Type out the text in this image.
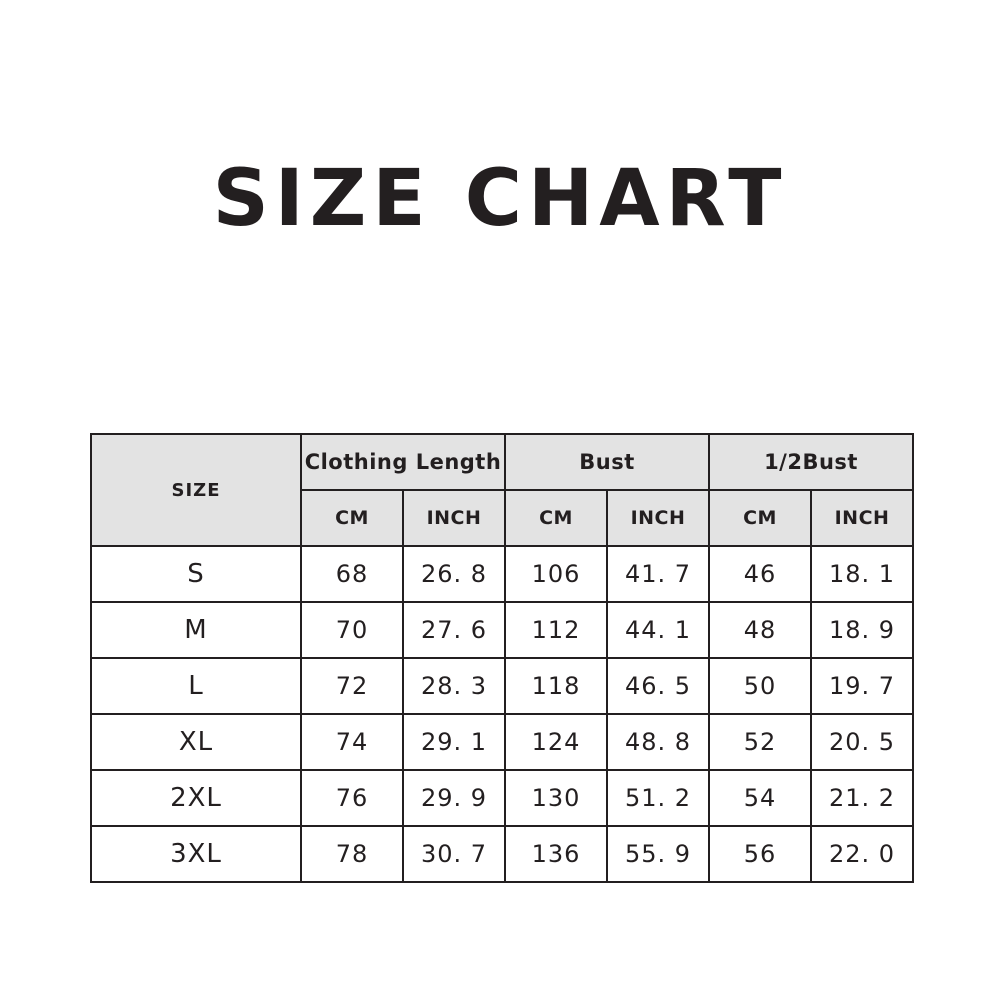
SIZE CHART
SIZE	Clothing Length		Bust		1/2Bust	
	CM	INCH	CM	INCH	CM	INCH
S	68	26. 8	106	41. 7	46	18. 1
M	70	27. 6	112	44. 1	48	18. 9
L	72	28. 3	118	46. 5	50	19. 7
XL	74	29. 1	124	48. 8	52	20. 5
2XL	76	29. 9	130	51. 2	54	21. 2
3XL	78	30. 7	136	55. 9	56	22. 0
